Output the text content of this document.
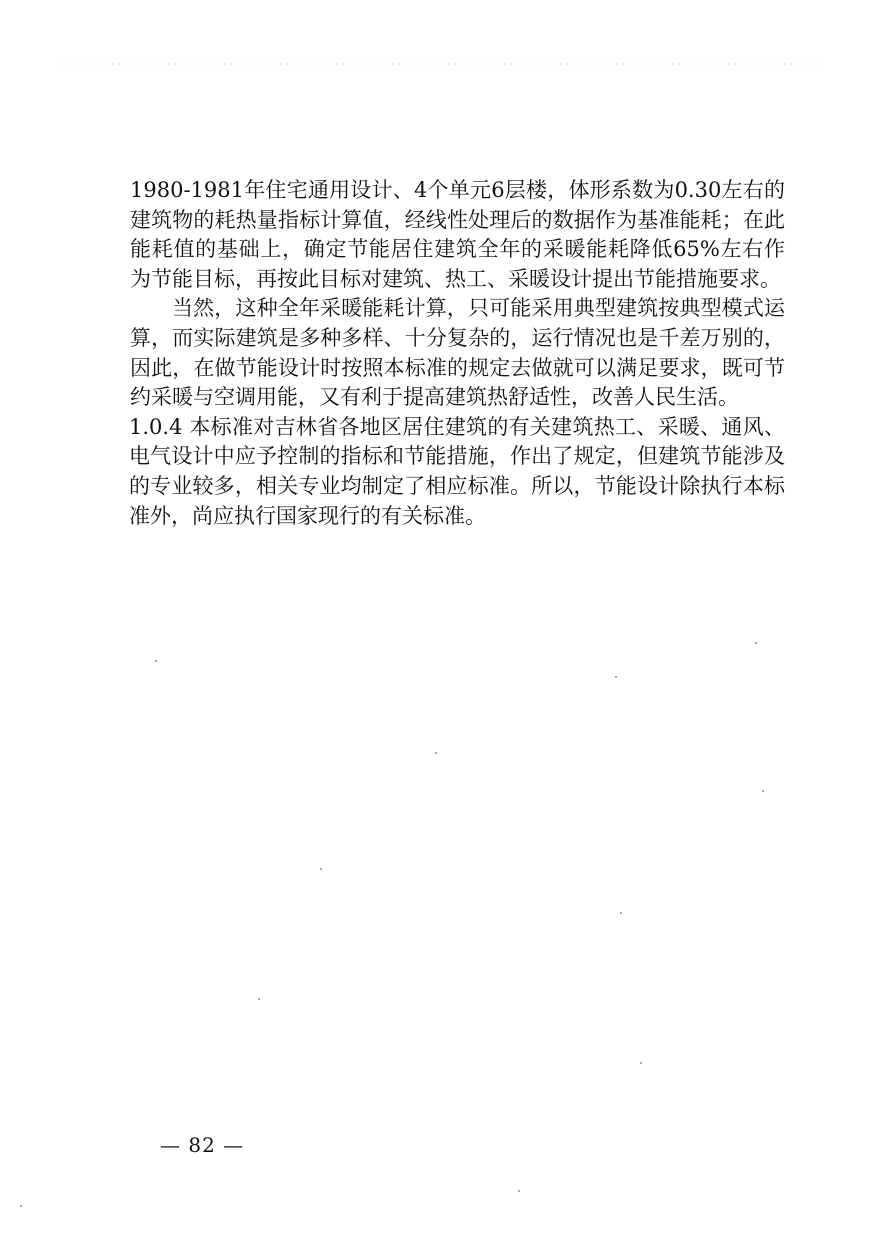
1980-1981年住宅通用设计、4个单元6层楼，体形系数为0.30左右的建筑物的耗热量指标计算值，经线性处理后的数据作为基准能耗；在此能耗值的基础上，确定节能居住建筑全年的采暖能耗降低65%左右作为节能目标，再按此目标对建筑、热工、采暖设计提出节能措施要求。

当然，这种全年采暖能耗计算，只可能采用典型建筑按典型模式运算，而实际建筑是多种多样、十分复杂的，运行情况也是千差万别的，因此，在做节能设计时按照本标准的规定去做就可以满足要求，既可节约采暖与空调用能，又有利于提高建筑热舒适性，改善人民生活。

1.0.4 本标准对吉林省各地区居住建筑的有关建筑热工、采暖、通风、电气设计中应予控制的指标和节能措施，作出了规定，但建筑节能涉及的专业较多，相关专业均制定了相应标准。所以，节能设计除执行本标准外，尚应执行国家现行的有关标准。

— 82 —
